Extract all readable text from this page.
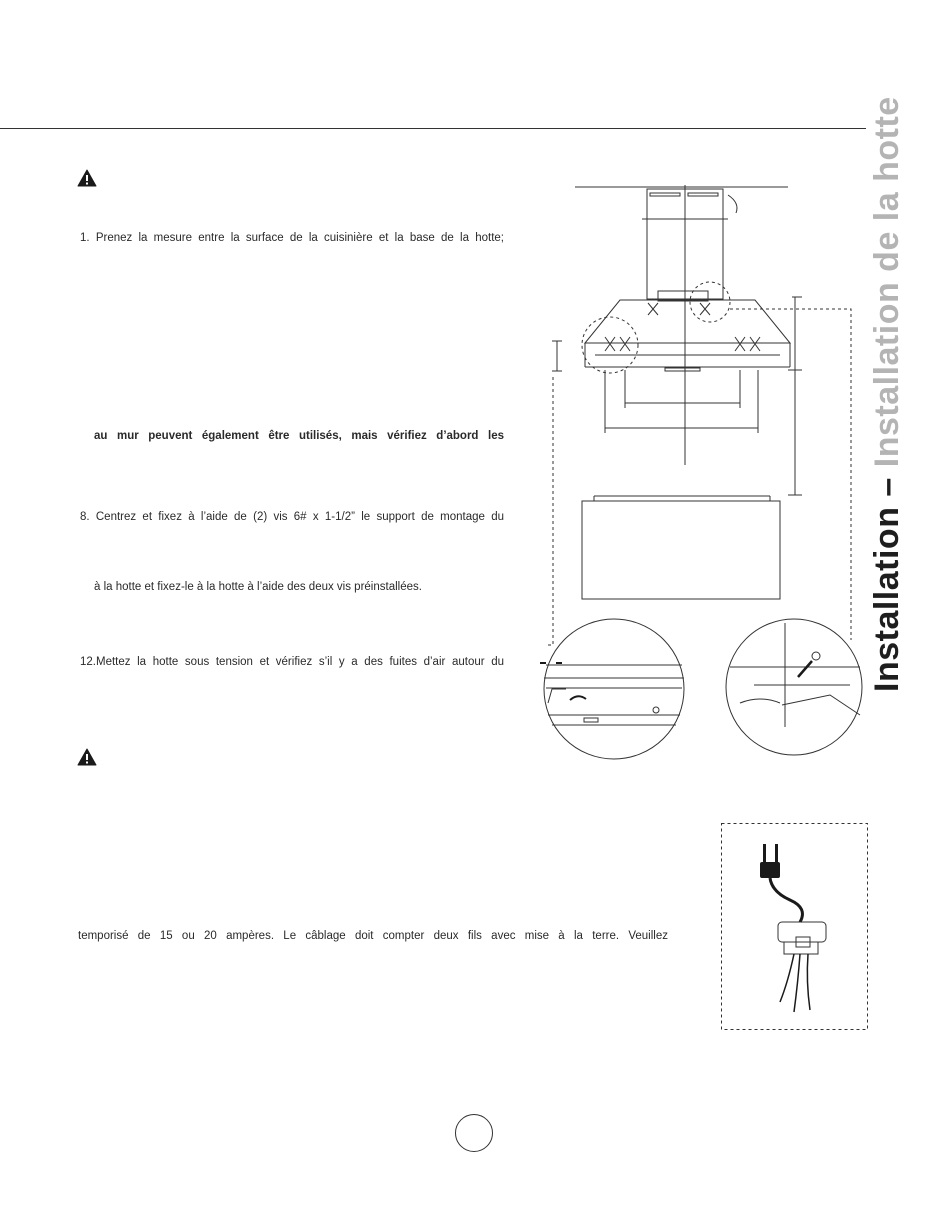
1. Prenez la mesure entre la surface de la cuisinière et la base de la hotte;
au mur peuvent également être utilisés, mais vérifiez d’abord les
8. Centrez et fixez à l’aide de (2) vis 6# x 1-1/2” le support de montage du
à la hotte et fixez-le à la hotte à l’aide des deux vis préinstallées.
12.Mettez la hotte sous tension et vérifiez s’il y a des fuites d’air autour du
temporisé de 15 ou 20 ampères. Le câblage doit compter deux fils avec mise à la terre. Veuillez
Installation – Installation de la hotte
